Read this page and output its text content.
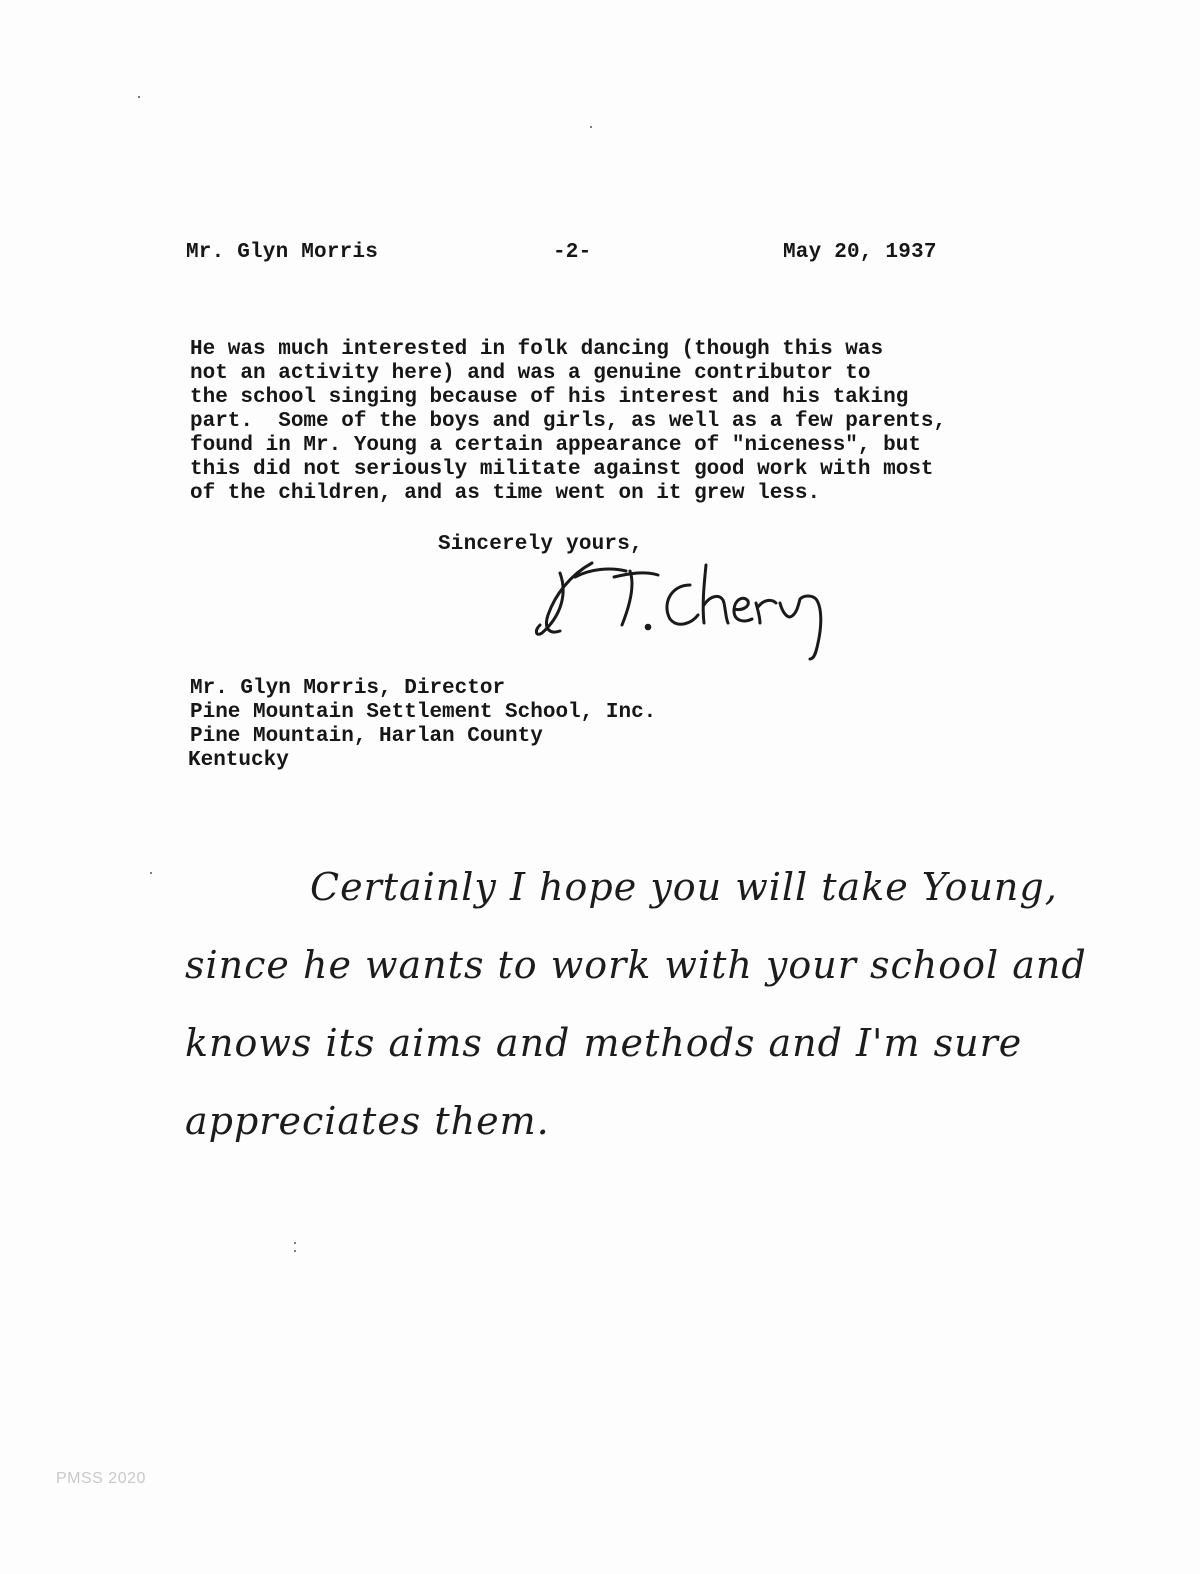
Mr. Glyn Morris	-2-	May 20, 1937

He was much interested in folk dancing (though this was
not an activity here) and was a genuine contributor to
the school singing because of his interest and his taking
part.  Some of the boys and girls, as well as a few parents,
found in Mr. Young a certain appearance of "niceness", but
this did not seriously militate against good work with most
of the children, and as time went on it grew less.

Sincerely yours,

Mr. Glyn Morris, Director
Pine Mountain Settlement School, Inc.
Pine Mountain, Harlan County
Kentucky
Certainly I hope you will take Young,
since he wants to work with your school and
knows its aims and methods and I'm sure
appreciates them.
PMSS 2020
